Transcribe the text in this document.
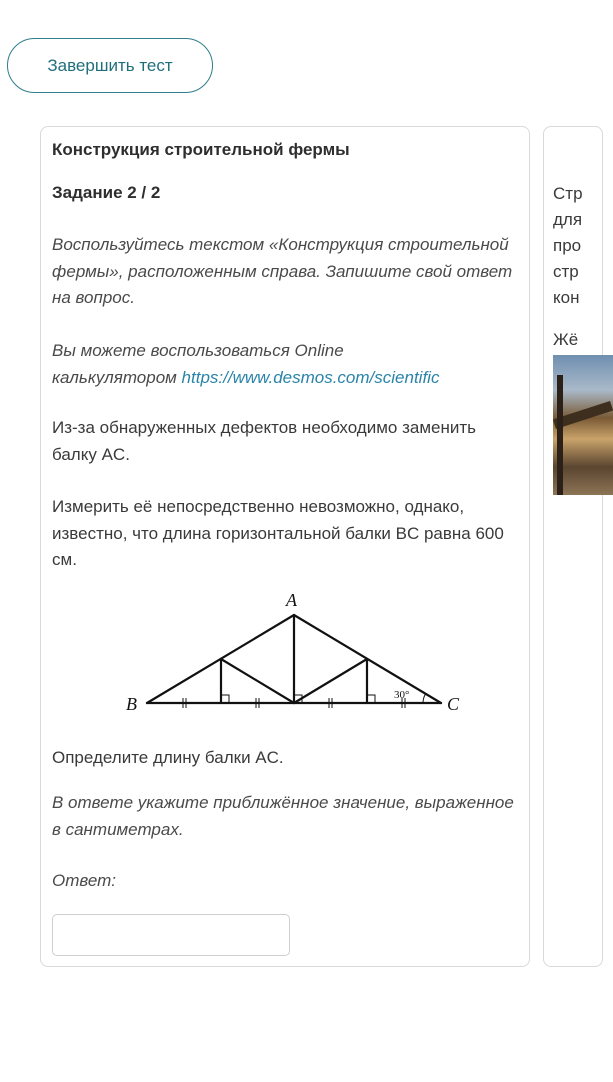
Завершить тест
Конструкция строительной фермы
Задание 2 / 2
Воспользуйтесь текстом «Конструкция строительной фермы», расположенным справа. Запишите свой ответ на вопрос.
Вы можете воспользоваться Online калькулятором https://www.desmos.com/scientific
Из-за обнаруженных дефектов необходимо заменить балку AC.
Измерить её непосредственно невозможно, однако, известно, что длина горизонтальной балки BC равна 600 см.
A
B	C
30°
Определите длину балки AC.
В ответе укажите приближённое значение, выраженное в сантиметрах.
Ответ:
Стр
для
про
стр
кон
Жё
